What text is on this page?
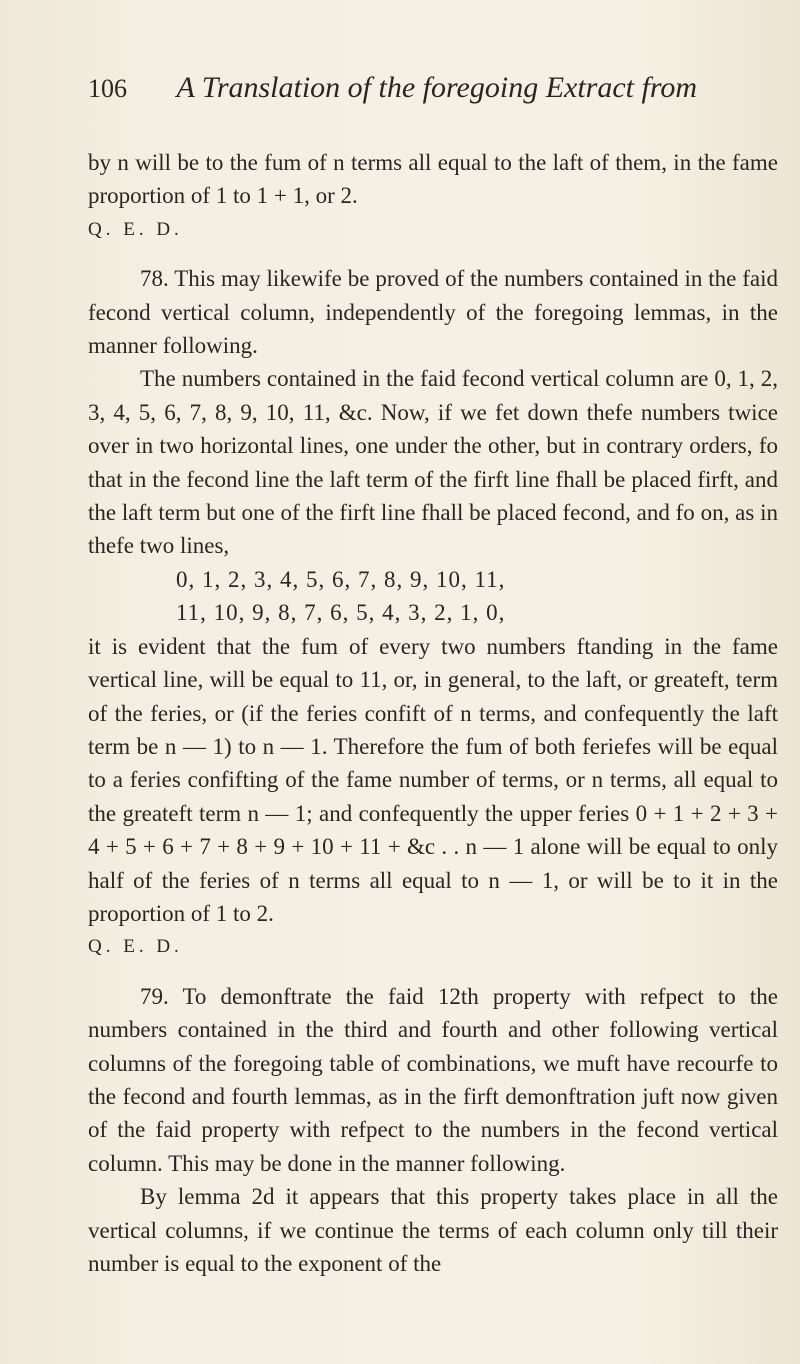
106 A Translation of the foregoing Extract from

by n will be to the fum of n terms all equal to the laft of them, in the fame proportion of 1 to 1 + 1, or 2.

Q. E. D.

78. This may likewife be proved of the numbers contained in the faid fecond vertical column, independently of the foregoing lemmas, in the manner following.

The numbers contained in the faid fecond vertical column are 0, 1, 2, 3, 4, 5, 6, 7, 8, 9, 10, 11, &c. Now, if we fet down thefe numbers twice over in two horizontal lines, one under the other, but in contrary orders, fo that in the fecond line the laft term of the firft line fhall be placed firft, and the laft term but one of the firft line fhall be placed fecond, and fo on, as in thefe two lines,

0, 1, 2, 3, 4, 5, 6, 7, 8, 9, 10, 11,

11, 10, 9, 8, 7, 6, 5, 4, 3, 2, 1, 0,

it is evident that the fum of every two numbers ftanding in the fame vertical line, will be equal to 11, or, in general, to the laft, or greateft, term of the feries, or (if the feries confift of n terms, and confequently the laft term be n — 1) to n — 1. Therefore the fum of both feriefes will be equal to a feries confifting of the fame number of terms, or n terms, all equal to the greateft term n — 1; and confequently the upper feries 0 + 1 + 2 + 3 + 4 + 5 + 6 + 7 + 8 + 9 + 10 + 11 + &c . . n — 1 alone will be equal to only half of the feries of n terms all equal to n — 1, or will be to it in the proportion of 1 to 2.

Q. E. D.

79. To demonftrate the faid 12th property with refpect to the numbers contained in the third and fourth and other following vertical columns of the foregoing table of combinations, we muft have recourfe to the fecond and fourth lemmas, as in the firft demonftration juft now given of the faid property with refpect to the numbers in the fecond vertical column. This may be done in the manner following.

By lemma 2d it appears that this property takes place in all the vertical columns, if we continue the terms of each column only till their number is equal to the exponent of the
